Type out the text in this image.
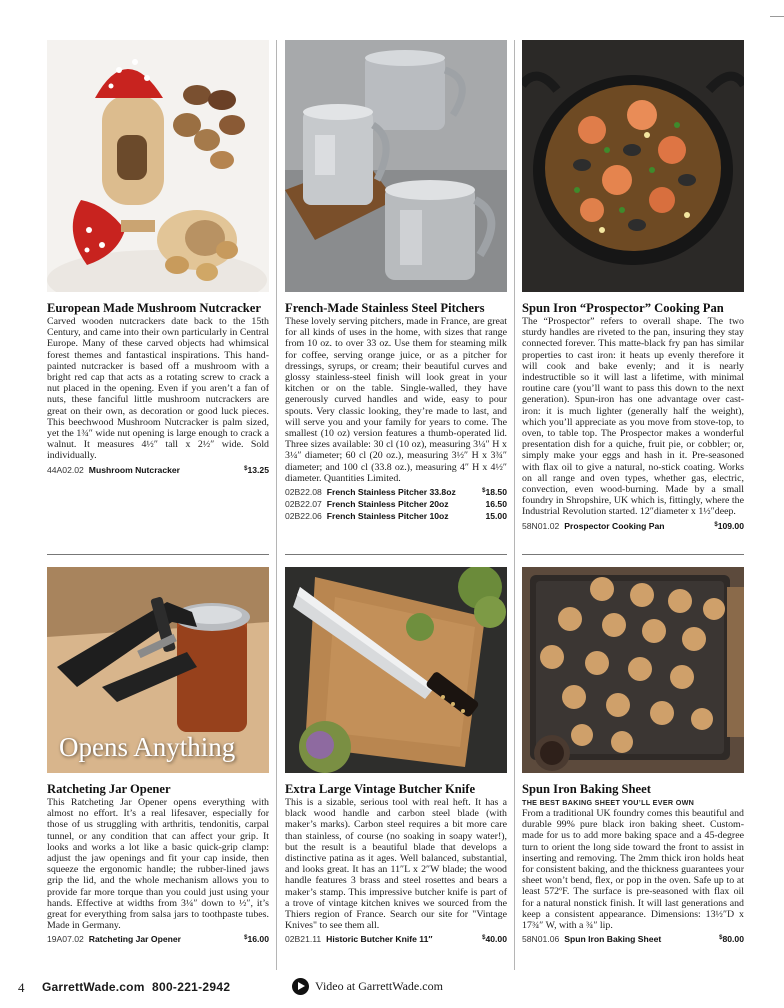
European Made Mushroom Nutcracker
Carved wooden nutcrackers date back to the 15th Century, and came into their own particularly in Central Europe. Many of these carved objects had whimsical forest themes and fantastical inspirations. This hand-painted nutcracker is based off a mushroom with a bright red cap that acts as a rotating screw to crack a nut placed in the opening. Even if you aren’t a fan of nuts, these fanciful little mushroom nutcrackers are great on their own, as decoration or good luck pieces. This beechwood Mushroom Nutcracker is palm sized, yet the 1¾″ wide nut opening is large enough to crack a walnut. It measures 4½″ tall x 2½″ wide. Sold individually.
44A02.02 Mushroom Nutcracker	$13.25
French-Made Stainless Steel Pitchers
These lovely serving pitchers, made in France, are great for all kinds of uses in the home, with sizes that range from 10 oz. to over 33 oz. Use them for steaming milk for coffee, serving orange juice, or as a pitcher for dressings, syrups, or cream; their beautiful curves and glossy stainless-steel finish will look great in your kitchen or on the table. Single-walled, they have generously curved handles and wide, easy to pour spouts. Very classic looking, they’re made to last, and will serve you and your family for years to come. The smallest (10 oz) version features a thumb-operated lid. Three sizes available: 30 cl (10 oz), measuring 3¼″ H x 3¼″ diameter; 60 cl (20 oz.), measuring 3½″ H x 3¾″ diameter; and 100 cl (33.8 oz.), measuring 4″ H x 4½″ diameter. Quantities Limited.
02B22.08 French Stainless Pitcher 33.8oz	$18.50
02B22.07 French Stainless Pitcher 20oz	16.50
02B22.06 French Stainless Pitcher 10oz	15.00
Spun Iron “Prospector” Cooking Pan
The “Prospector” refers to overall shape. The two sturdy handles are riveted to the pan, insuring they stay connected forever. This matte-black fry pan has similar properties to cast iron: it heats up evenly therefore it will cook and bake evenly; and it is nearly indestructible so it will last a lifetime, with minimal routine care (you’ll want to pass this down to the next generation). Spun-iron has one advantage over cast-iron: it is much lighter (generally half the weight), which you’ll appreciate as you move from stove-top, to oven, to table top. The Prospector makes a wonderful presentation dish for a quiche, fruit pie, or cobbler; or, simply make your eggs and hash in it. Pre-seasoned with flax oil to give a natural, no-stick coating. Works on all range and oven types, whether gas, electric, convection, even wood-burning. Made by a small foundry in Shropshire, UK which is, fittingly, where the Industrial Revolution started. 12″diameter x 1½″deep.
58N01.02 Prospector Cooking Pan	$109.00
Opens Anything
Ratcheting Jar Opener
This Ratcheting Jar Opener opens everything with almost no effort. It’s a real lifesaver, especially for those of us struggling with arthritis, tendonitis, carpal tunnel, or any condition that can affect your grip. It looks and works a lot like a basic quick-grip clamp: adjust the jaw openings and fit your cap inside, then squeeze the ergonomic handle; the rubber-lined jaws grip the lid, and the whole mechanism allows you to provide far more torque than you could just using your hands. Effective at widths from 3¼″ down to ½″, it’s great for everything from salsa jars to toothpaste tubes. Made in Germany.
19A07.02 Ratcheting Jar Opener	$16.00
Extra Large Vintage Butcher Knife
This is a sizable, serious tool with real heft. It has a black wood handle and carbon steel blade (with maker’s marks). Carbon steel requires a bit more care than stainless, of course (no soaking in soapy water!), but the result is a beautiful blade that develops a distinctive patina as it ages. Well balanced, substantial, and looks great. It has an 11″L x 2″W blade; the wood handle features 3 brass and steel rosettes and bears a maker’s stamp. This impressive butcher knife is part of a trove of vintage kitchen knives we sourced from the Thiers region of France. Search our site for "Vintage Knives" to see them all.
02B21.11 Historic Butcher Knife 11″	$40.00
Spun Iron Baking Sheet
THE BEST BAKING SHEET YOU’LL EVER OWN
From a traditional UK foundry comes this beautiful and durable 99% pure black iron baking sheet. Custom-made for us to add more baking space and a 45-degree turn to orient the long side toward the front to assist in inserting and removing. The 2mm thick iron holds heat for consistent baking, and the thickness guarantees your sheet won’t bend, flex, or pop in the oven. Safe up to at least 572ºF. The surface is pre-seasoned with flax oil for a natural nonstick finish. It will last generations and keep a consistent appearance. Dimensions: 13½″D x 17¾″ W, with a ¾″ lip.
58N01.06 Spun Iron Baking Sheet	$80.00
4 GarrettWade.com 800-221-2942	Video at GarrettWade.com
